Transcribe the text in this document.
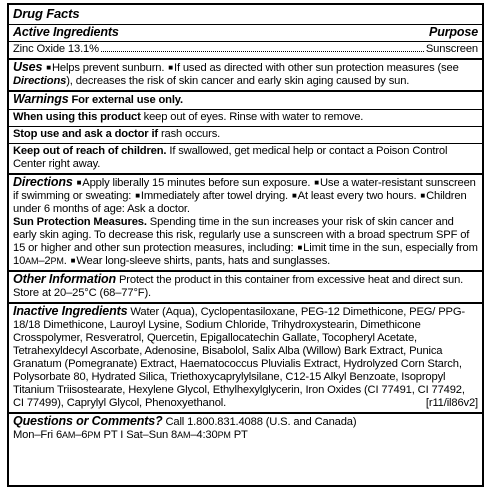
Drug Facts
Active Ingredients	Purpose
Zinc Oxide 13.1%	Sunscreen
Uses ■Helps prevent sunburn. ■If used as directed with other sun protection measures (see Directions), decreases the risk of skin cancer and early skin aging caused by sun.
Warnings For external use only.
When using this product keep out of eyes. Rinse with water to remove.
Stop use and ask a doctor if rash occurs.
Keep out of reach of children. If swallowed, get medical help or contact a Poison Control Center right away.
Directions ■Apply liberally 15 minutes before sun exposure. ■Use a water-resistant sunscreen if swimming or sweating: ■Immediately after towel drying. ■At least every two hours. ■Children under 6 months of age: Ask a doctor.
Sun Protection Measures. Spending time in the sun increases your risk of skin cancer and early skin aging. To decrease this risk, regularly use a sunscreen with a broad spectrum SPF of 15 or higher and other sun protection measures, including: ■Limit time in the sun, especially from 10AM–2PM. ■Wear long-sleeve shirts, pants, hats and sunglasses.
Other Information Protect the product in this container from excessive heat and direct sun. Store at 20–25°C (68–77°F).
Inactive Ingredients Water (Aqua), Cyclopentasiloxane, PEG-12 Dimethicone, PEG/ PPG-18/18 Dimethicone, Lauroyl Lysine, Sodium Chloride, Trihydroxystearin, Dimethicone Crosspolymer, Resveratrol, Quercetin, Epigallocatechin Gallate, Tocopheryl Acetate, Tetrahexyldecyl Ascorbate, Adenosine, Bisabolol, Salix Alba (Willow) Bark Extract, Punica Granatum (Pomegranate) Extract, Haematococcus Pluvialis Extract, Hydrolyzed Corn Starch, Polysorbate 80, Hydrated Silica, Triethoxycaprylylsilane, C12-15 Alkyl Benzoate, Isopropyl Titanium Triisostearate, Hexylene Glycol, Ethylhexylglycerin, Iron Oxides (CI 77491, CI 77492, CI 77499), Caprylyl Glycol, Phenoxyethanol.	[r11/il86v2]
Questions or Comments? Call 1.800.831.4088 (U.S. and Canada)
Mon–Fri 6AM–6PM PT I Sat–Sun 8AM–4:30PM PT
